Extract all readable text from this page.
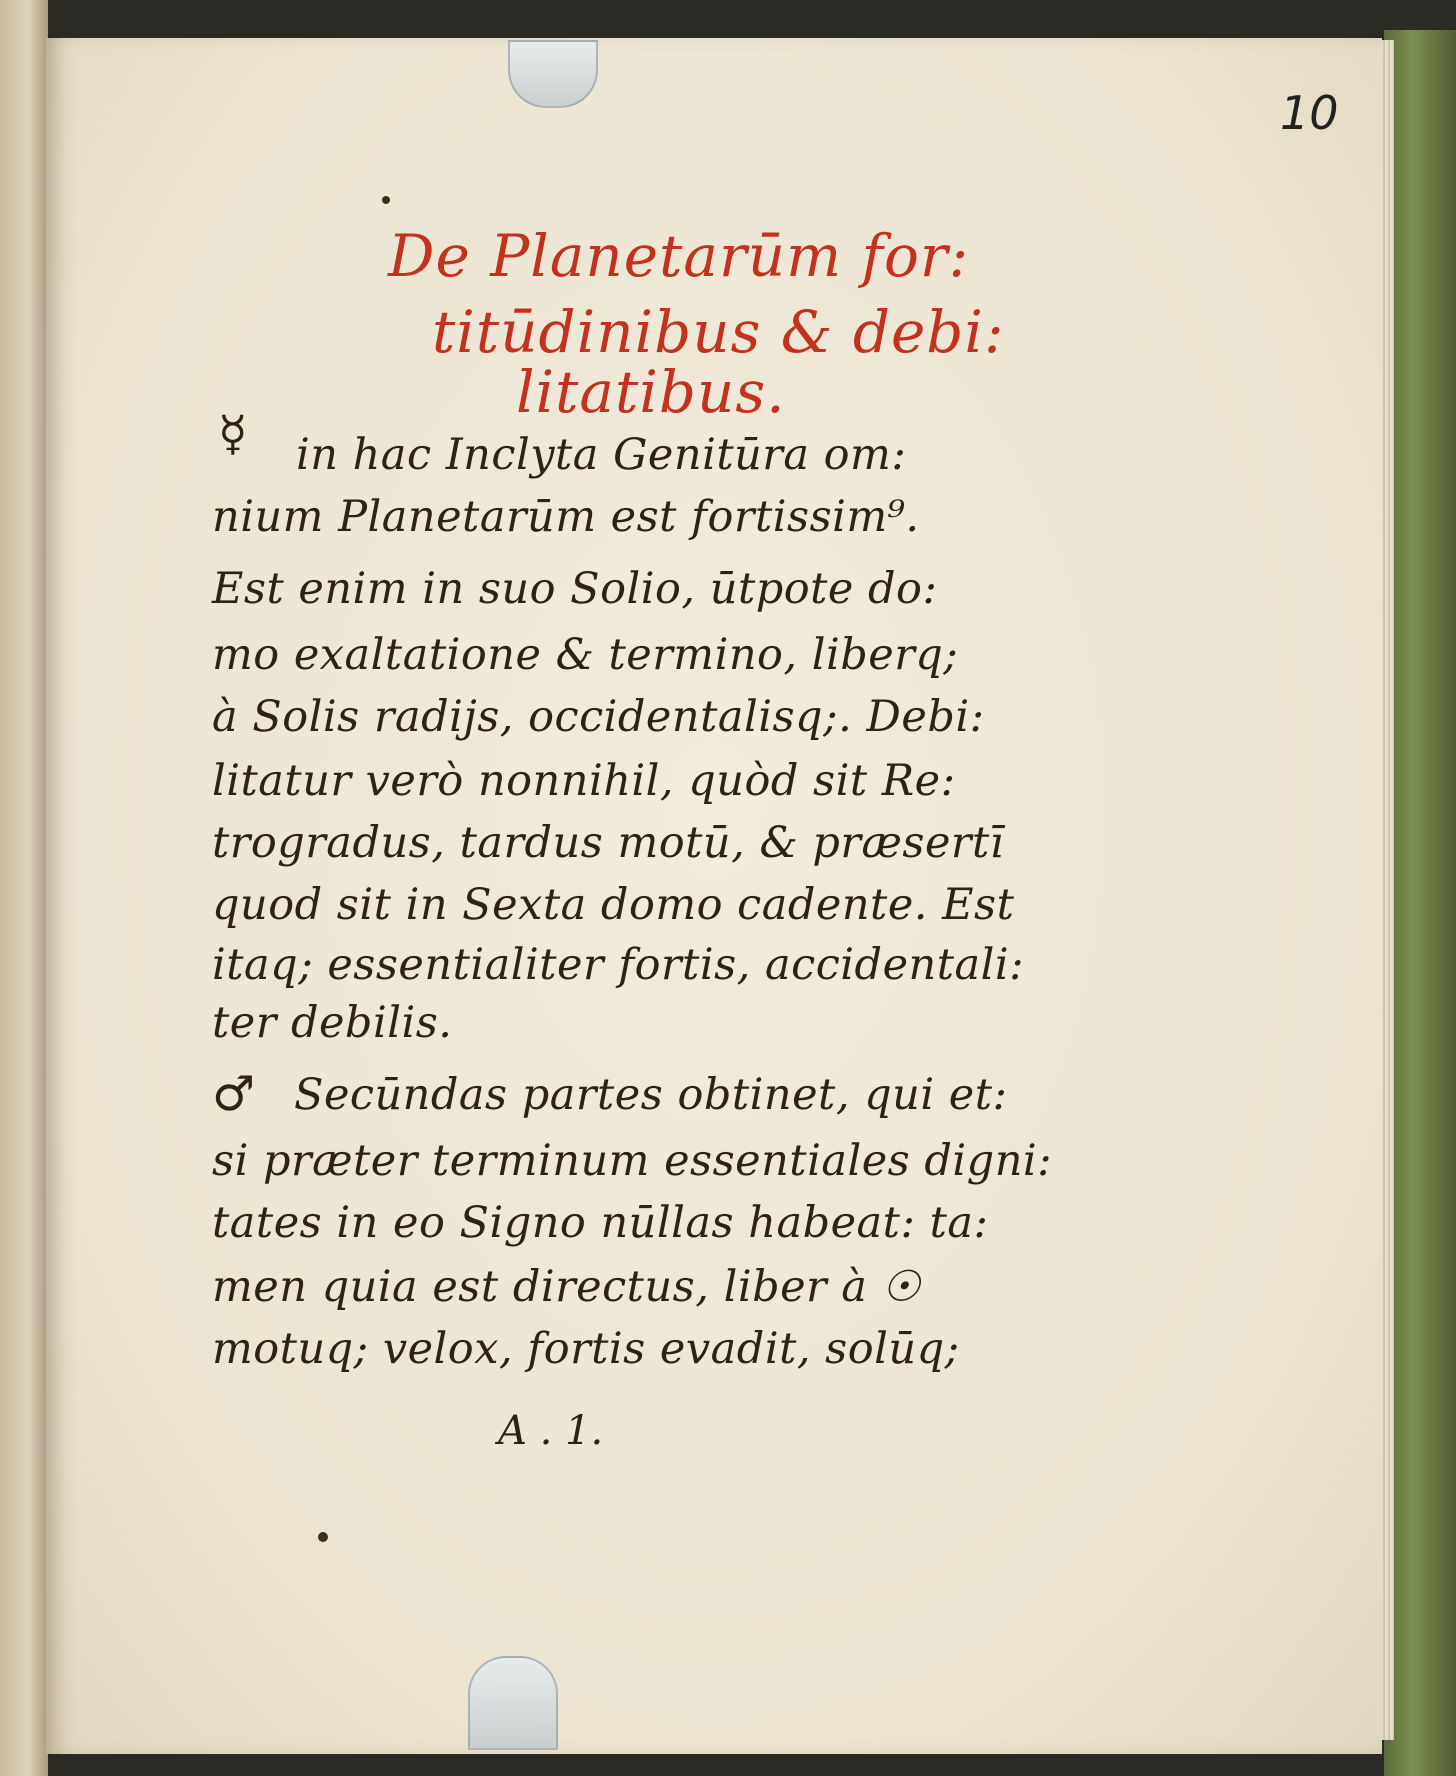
10
De Planetarūm for:
titūdinibus & debi:
litatibus.
☿ in hac Inclyta Genitūra om:
nium Planetarūm est fortissim⁹.
Est enim in suo Solio, ūtpote do:
mo exaltatione & termino, liberq;
à Solis radijs, occidentalisq;. Debi:
litatur verò nonnihil, quòd sit Re:
trogradus, tardus motū, & præsertī
quod sit in Sexta domo cadente. Est
itaq; essentialiter fortis, accidentali:
ter debilis.
♂ Secūndas partes obtinet, qui et:
si præter terminum essentiales digni:
tates in eo Signo nūllas habeat: ta:
men quia est directus, liber à ☉
motuq; velox, fortis evadit, solūq;
A . 1.
